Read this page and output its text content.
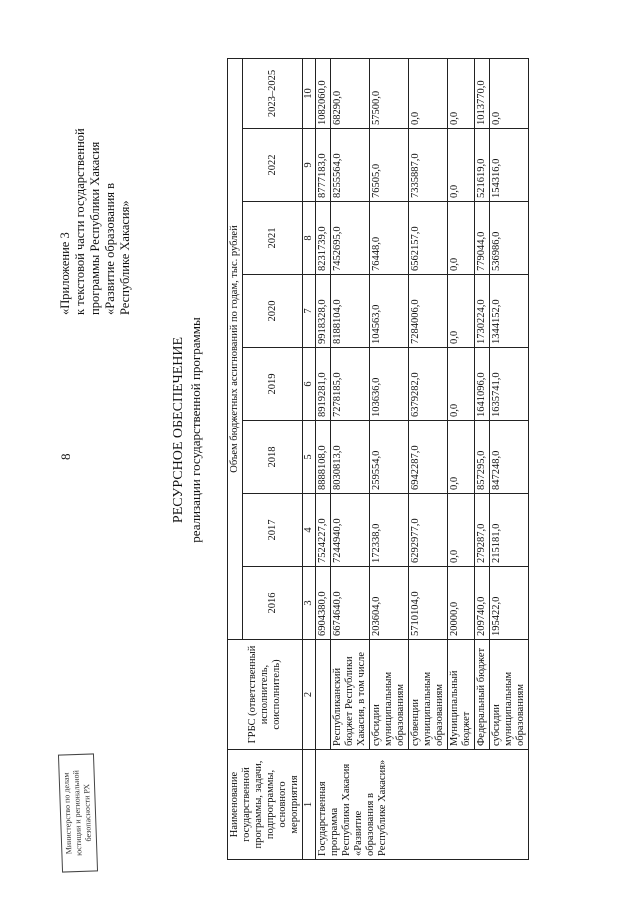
8
«Приложение 3 к текстовой части государственной программы Республики Хакасия «Развитие образования в Республике Хакасия»
РЕСУРСНОЕ ОБЕСПЕЧЕНИЕ реализации государственной программы
Наименование государственной программы, задачи, подпрограммы, основного мероприятия	ГРБС (ответственный исполнитель, соисполнитель)	Объем бюджетных ассигнований по годам, тыс. рублей							
		2016	2017	2018	2019	2020	2021	2022	2023–2025
1	2	3	4	5	6	7	8	9	10
Государственная программа Республики Хакасия «Развитие образования в Республике Хакасия»		6904380,0	7524227,0	8888108,0	8919281,0	9918328,0	8231739,0	8777183,0	1082060,0
	Республиканский бюджет Республики Хакасия, в том числе	6674640,0	7244940,0	8030813,0	7278185,0	8188104,0	7452695,0	8255564,0	68290,0
	субсидии муниципальным образованиям	203604,0	172338,0	259554,0	103636,0	104563,0	76448,0	76505,0	57500,0
	субвенции муниципальным образованиям	5710104,0	6292977,0	6942287,0	6379282,0	7284006,0	6562157,0	7335887,0	0,0
	Муниципальный бюджет	20000,0	0,0	0,0	0,0	0,0	0,0	0,0	0,0
	Федеральный бюджет	209740,0	279287,0	857295,0	1641096,0	1730224,0	779044,0	521619,0	1013770,0
	субсидии муниципальным образованиям	195422,0	215181,0	847248,0	1635741,0	1344152,0	536986,0	154316,0	0,0
Министерство по делам юстиции и региональной безопасности РХ
